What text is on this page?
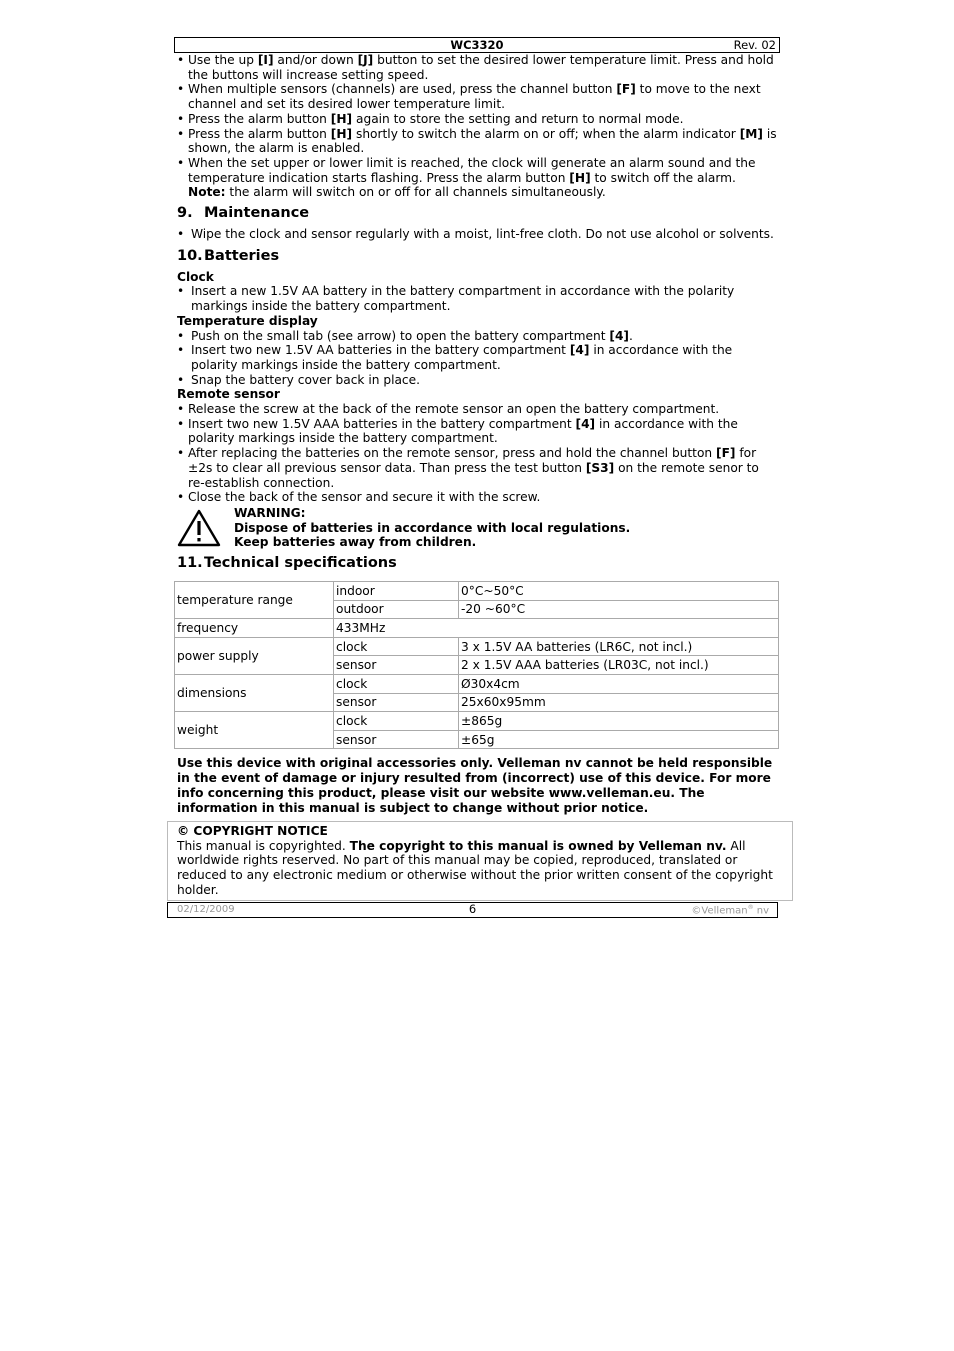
WC3320	Rev. 02
• Use the up [I] and/or down [J] button to set the desired lower temperature limit. Press and hold the buttons will increase setting speed.
• When multiple sensors (channels) are used, press the channel button [F] to move to the next channel and set its desired lower temperature limit.
• Press the alarm button [H] again to store the setting and return to normal mode.
• Press the alarm button [H] shortly to switch the alarm on or off; when the alarm indicator [M] is shown, the alarm is enabled.
• When the set upper or lower limit is reached, the clock will generate an alarm sound and the temperature indication starts flashing. Press the alarm button [H] to switch off the alarm.
Note: the alarm will switch on or off for all channels simultaneously.
9. Maintenance
• Wipe the clock and sensor regularly with a moist, lint-free cloth. Do not use alcohol or solvents.
10.Batteries
Clock
• Insert a new 1.5V AA battery in the battery compartment in accordance with the polarity markings inside the battery compartment.
Temperature display
• Push on the small tab (see arrow) to open the battery compartment [4].
• Insert two new 1.5V AA batteries in the battery compartment [4] in accordance with the polarity markings inside the battery compartment.
• Snap the battery cover back in place.
Remote sensor
• Release the screw at the back of the remote sensor an open the battery compartment.
• Insert two new 1.5V AAA batteries in the battery compartment [4] in accordance with the polarity markings inside the battery compartment.
• After replacing the batteries on the remote sensor, press and hold the channel button [F] for ±2s to clear all previous sensor data. Than press the test button [S3] on the remote senor to re-establish connection.
• Close the back of the sensor and secure it with the screw.
WARNING:
Dispose of batteries in accordance with local regulations.
Keep batteries away from children.
11.Technical specifications
temperature range	indoor	0°C~50°C
	outdoor	-20 ~60°C
frequency	433MHz	
power supply	clock	3 x 1.5V AA batteries (LR6C, not incl.)
	sensor	2 x 1.5V AAA batteries (LR03C, not incl.)
dimensions	clock	Ø30x4cm
	sensor	25x60x95mm
weight	clock	±865g
	sensor	±65g
Use this device with original accessories only. Velleman nv cannot be held responsible in the event of damage or injury resulted from (incorrect) use of this device. For more info concerning this product, please visit our website www.velleman.eu. The information in this manual is subject to change without prior notice.
© COPYRIGHT NOTICE
This manual is copyrighted. The copyright to this manual is owned by Velleman nv. All worldwide rights reserved. No part of this manual may be copied, reproduced, translated or reduced to any electronic medium or otherwise without the prior written consent of the copyright holder.
02/12/2009	6	©Velleman® nv
